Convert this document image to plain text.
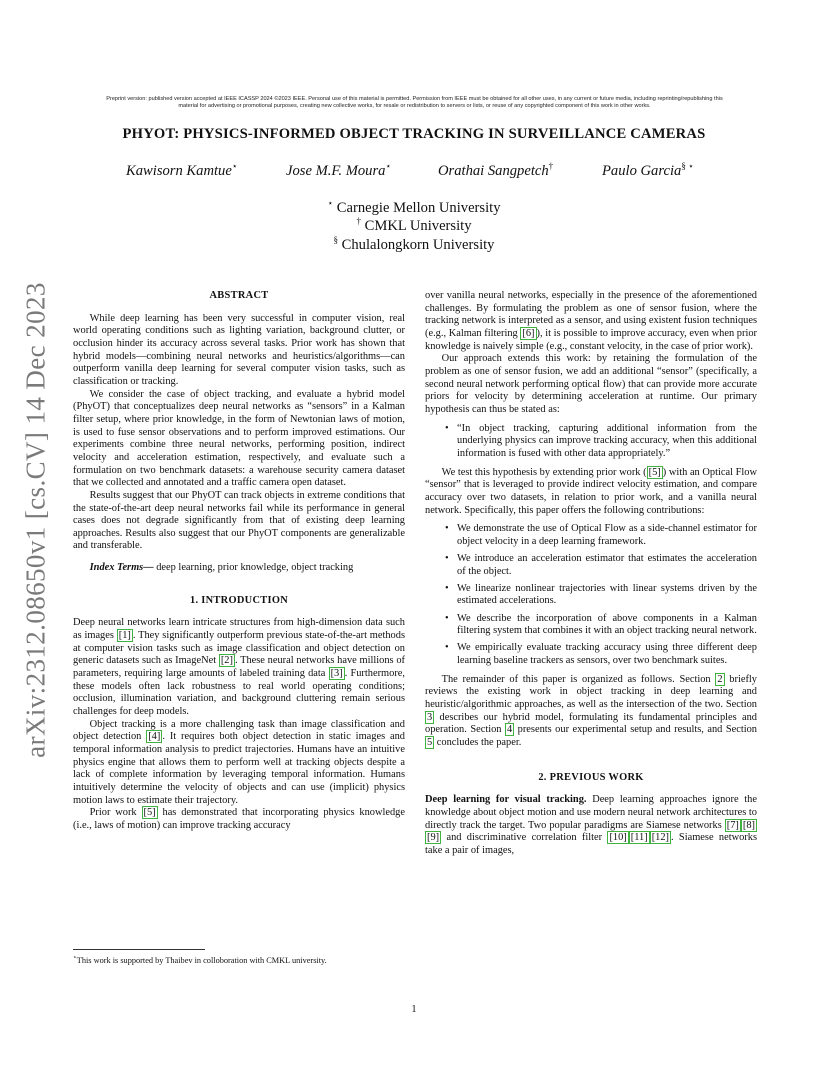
arXiv:2312.08650v1 [cs.CV] 14 Dec 2023
Preprint version: published version accepted at IEEE ICASSP 2024 ©2023 IEEE. Personal use of this material is permitted. Permission from IEEE must be obtained for all other uses, in any current or future media, including reprinting/republishing this
material for advertising or promotional purposes, creating new collective works, for resale or redistribution to servers or lists, or reuse of any copyrighted component of this work in other works.
PHYOT: PHYSICS-INFORMED OBJECT TRACKING IN SURVEILLANCE CAMERAS
Kawisorn Kamtue⋆	Jose M.F. Moura⋆	Orathai Sangpetch†	Paulo Garcia§ ⋆
⋆ Carnegie Mellon University
† CMKL University
§ Chulalongkorn University
ABSTRACT

While deep learning has been very successful in computer vision, real world operating conditions such as lighting variation, background clutter, or occlusion hinder its accuracy across several tasks. Prior work has shown that hybrid models—combining neural networks and heuristics/algorithms—can outperform vanilla deep learning for several computer vision tasks, such as classification or tracking.

We consider the case of object tracking, and evaluate a hybrid model (PhyOT) that conceptualizes deep neural networks as “sensors” in a Kalman filter setup, where prior knowledge, in the form of Newtonian laws of motion, is used to fuse sensor observations and to perform improved estimations. Our experiments combine three neural networks, performing position, indirect velocity and acceleration estimation, respectively, and evaluate such a formulation on two benchmark datasets: a warehouse security camera dataset that we collected and annotated and a traffic camera open dataset.

Results suggest that our PhyOT can track objects in extreme conditions that the state-of-the-art deep neural networks fail while its performance in general cases does not degrade significantly from that of existing deep learning approaches. Results also suggest that our PhyOT components are generalizable and transferable.

Index Terms— deep learning, prior knowledge, object tracking

1. INTRODUCTION

Deep neural networks learn intricate structures from high-dimension data such as images [1] . They significantly outperform previous state-of-the-art methods at computer vision tasks such as image classification and object detection on generic datasets such as ImageNet [2] . These neural networks have millions of parameters, requiring large amounts of labeled training data [3] . Furthermore, these models often lack robustness to real world operating conditions; occlusion, illumination variation, and background cluttering remain serious challenges for deep models.

Object tracking is a more challenging task than image classification and object detection [4] . It requires both object detection in static images and temporal information analysis to predict trajectories. Humans have an intuitive physics engine that allows them to perform well at tracking objects despite a lack of complete information by leveraging temporal information. Humans intuitively determine the velocity of objects and can use (implicit) physics motion laws to estimate their trajectory.

Prior work [5] has demonstrated that incorporating physics knowledge (i.e., laws of motion) can improve tracking accuracy

⋆This work is supported by Thaibev in colloboration with CMKL university.

over vanilla neural networks, especially in the presence of the aforementioned challenges. By formulating the problem as one of sensor fusion, where the tracking network is interpreted as a sensor, and using existent fusion techniques (e.g., Kalman filtering [6] ), it is possible to improve accuracy, even when prior knowledge is naively simple (e.g., constant velocity, in the case of prior work).

Our approach extends this work: by retaining the formulation of the problem as one of sensor fusion, we add an additional “sensor” (specifically, a second neural network performing optical flow) that can provide more accurate priors for velocity by determining acceleration at runtime. Our primary hypothesis can thus be stated as:

• “In object tracking, capturing additional information from the underlying physics can improve tracking accuracy, when this additional information is fused with other data appropriately.”

We test this hypothesis by extending prior work ( [5] ) with an Optical Flow “sensor” that is leveraged to provide indirect velocity estimation, and compare accuracy over two datasets, in relation to prior work, and a vanilla neural network. Specifically, this paper offers the following contributions:

• We demonstrate the use of Optical Flow as a side-channel estimator for object velocity in a deep learning framework.
• We introduce an acceleration estimator that estimates the acceleration of the object.
• We linearize nonlinear trajectories with linear systems driven by the estimated accelerations.
• We describe the incorporation of above components in a Kalman filtering system that combines it with an object tracking neural network.
• We empirically evaluate tracking accuracy using three different deep learning baseline trackers as sensors, over two benchmark suites.

The remainder of this paper is organized as follows. Section 2 briefly reviews the existing work in object tracking in deep learning and heuristic/algorithmic approaches, as well as the intersection of the two. Section 3 describes our hybrid model, formulating its fundamental principles and operation. Section 4 presents our experimental setup and results, and Section 5 concludes the paper.

2. PREVIOUS WORK

Deep learning for visual tracking. Deep learning approaches ignore the knowledge about object motion and use modern neural network architectures to directly track the target. Two popular paradigms are Siamese networks [7] [8][9] and discriminative correlation filter [10] [11] [12] . Siamese networks take a pair of images,

1
